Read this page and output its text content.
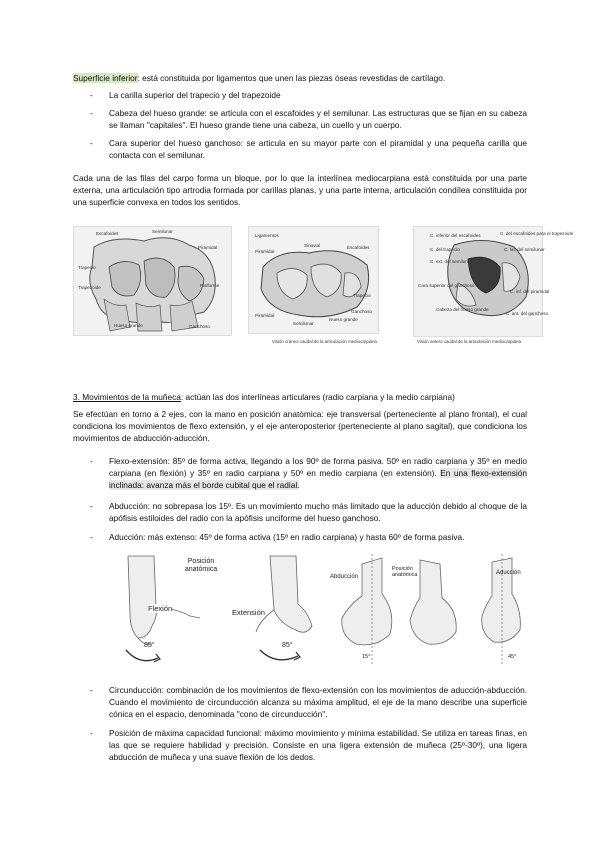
Superficie inferior: está constituida por ligamentos que unen las piezas óseas revestidas de cartílago.
- La carilla superior del trapecio y del trapezoide
- Cabeza del hueso grande: se articula con el escafoides y el semilunar. Las estructuras que se fijan en su cabeza se llaman "capitales". El hueso grande tiene una cabeza, un cuello y un cuerpo.
- Cara superior del hueso ganchoso: se articula en su mayor parte con el piramidal y una pequeña carilla que contacta con el semilunar.
Cada una de las filas del carpo forma un bloque, por lo que la interlínea mediocarpiana está constituida por una parte externa, una articulación tipo artrodia formada por carillas planas, y una parte interna, articulación condílea constituida por una superficie convexa en todos los sentidos.
Escafoides	Semilunar
Piramidal
Pisiforme
Trapecio
Trapezoide
Hueso grande	Ganchoso
Ligamentos
Sinovial
Piramidal
Escafoides
Trapecio
Piramidal
Semilunar
Hueso grande
Ganchoso
C. inferior del escafoides	C. del escafoides para el trapezoide
C. del trapecio	C. lat. del semilunar
C. ext. del semilunar
Cara superior del ganchoso
Cabeza del hueso grande
C. inf. del piramidal
C. ant. del ganchoso
Visión craneo caudal de la articulación mediocarpiana	Visión antero caudal de la articulación mediocarpiana
3. Movimientos de la muñeca: actúan las dos interlíneas articulares (radio carpiana y la medio carpiana)
Se efectúan en torno a 2 ejes, con la mano en posición anatómica: eje transversal (perteneciente al plano frontal), el cual condiciona los movimientos de flexo extensión, y el eje anteroposterior (perteneciente al plano sagital), que condiciona los movimientos de abducción-aducción.
- Flexo-extensión: 85º de forma activa, llegando a los 90º de forma pasiva. 50º en radio carpiana y 35º en medio carpiana (en flexión) y 35º en radio carpiana y 50º en medio carpiana (en extensión). En una flexo-extensión inclinada: avanza más el borde cubital que el radial.
- Abducción: no sobrepasa los 15º. Es un movimiento mucho más limitado que la aducción debido al choque de la apófisis estiloides del radio con la apófisis unciforme del hueso ganchoso.
- Aducción: más extenso: 45º de forma activa (15º en radio carpiana) y hasta 60º de forma pasiva.
Posición anatómica
Flexión	Extensión
85°	85°
Abducción
Posición anatómica	Aducción
15°	45°
- Circunducción: combinación de los movimientos de flexo-extensión con los movimientos de aducción-abducción. Cuando el movimiento de circunducción alcanza su máxima amplitud, el eje de la mano describe una superficie cónica en el espacio, denominada "cono de circunducción".
- Posición de máxima capacidad funcional: máximo movimiento y mínima estabilidad. Se utiliza en tareas finas, en las que se requiere habilidad y precisión. Consiste en una ligera extensión de muñeca (25º-30º), una ligera abducción de muñeca y una suave flexión de los dedos.
